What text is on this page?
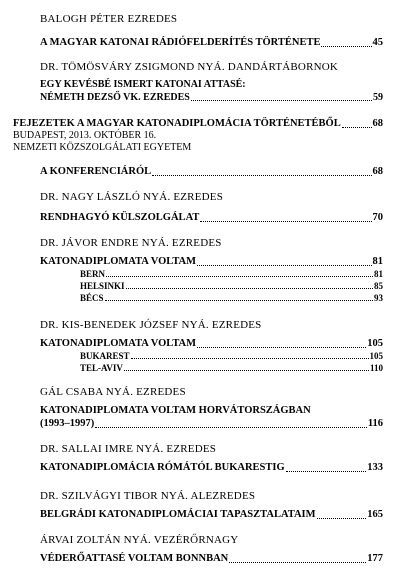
BALOGH PÉTER EZREDES
A MAGYAR KATONAI RÁDIÓFELDERÍTÉS TÖRTÉNETE	45
DR. TÖMÖSVÁRY ZSIGMOND NYÁ. DANDÁRTÁBORNOK
EGY KEVÉSBÉ ISMERT KATONAI ATTASÉ:
NÉMETH DEZSŐ VK. EZREDES	59
FEJEZETEK A MAGYAR KATONADIPLOMÁCIA TÖRTÉNETÉBŐL	68
BUDAPEST, 2013. OKTÓBER 16.
NEMZETI KÖZSZOLGÁLATI EGYETEM
A KONFERENCIÁRÓL	68
DR. NAGY LÁSZLÓ NYÁ. EZREDES
RENDHAGYÓ KÜLSZOLGÁLAT	70
DR. JÁVOR ENDRE NYÁ. EZREDES
KATONADIPLOMATA VOLTAM	81
BERN	81
HELSINKI	85
BÉCS	93
DR. KIS-BENEDEK JÓZSEF NYÁ. EZREDES
KATONADIPLOMATA VOLTAM	105
BUKAREST	105
TEL-AVIV	110
GÁL CSABA NYÁ. EZREDES
KATONADIPLOMATA VOLTAM HORVÁTORSZÁGBAN
(1993–1997)	116
DR. SALLAI IMRE NYÁ. EZREDES
KATONADIPLOMÁCIA RÓMÁTÓL BUKARESTIG	133
DR. SZILVÁGYI TIBOR NYÁ. ALEZREDES
BELGRÁDI KATONADIPLOMÁCIAI TAPASZTALATAIM	165
ÁRVAI ZOLTÁN NYÁ. VEZÉRŐRNAGY
VÉDERŐATTASÉ VOLTAM BONNBAN	177
